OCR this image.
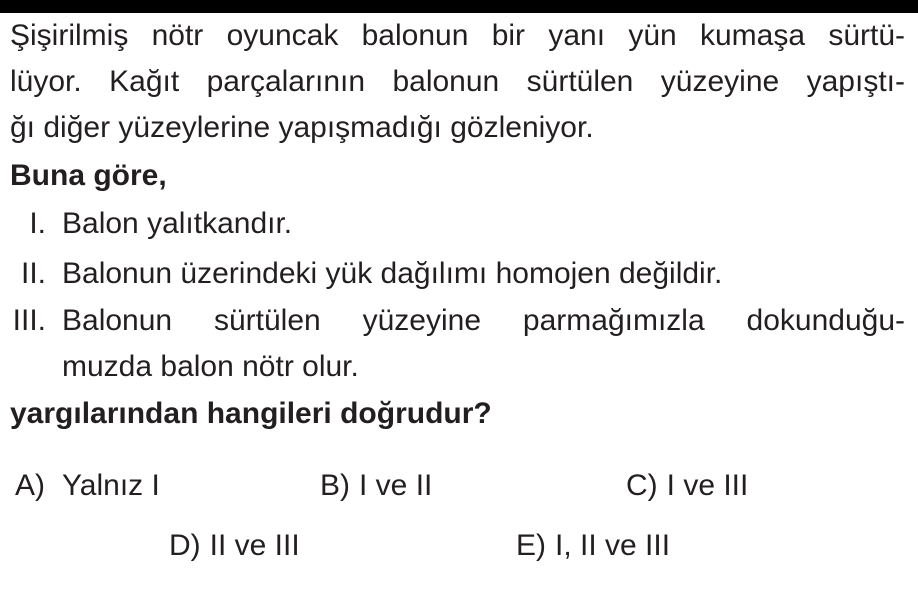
Şişirilmiş nötr oyuncak balonun bir yanı yün kumaşa sürtü-
lüyor. Kağıt parçalarının balonun sürtülen yüzeyine yapıştı-
ğı diğer yüzeylerine yapışmadığı gözleniyor.
Buna göre,
I. Balon yalıtkandır.
II. Balonun üzerindeki yük dağılımı homojen değildir.
III. Balonun sürtülen yüzeyine parmağımızla dokunduğu-
muzda balon nötr olur.
yargılarından hangileri doğrudur?
A) Yalnız I	B) I ve II	C) I ve III
D) II ve III	E) I, II ve III
